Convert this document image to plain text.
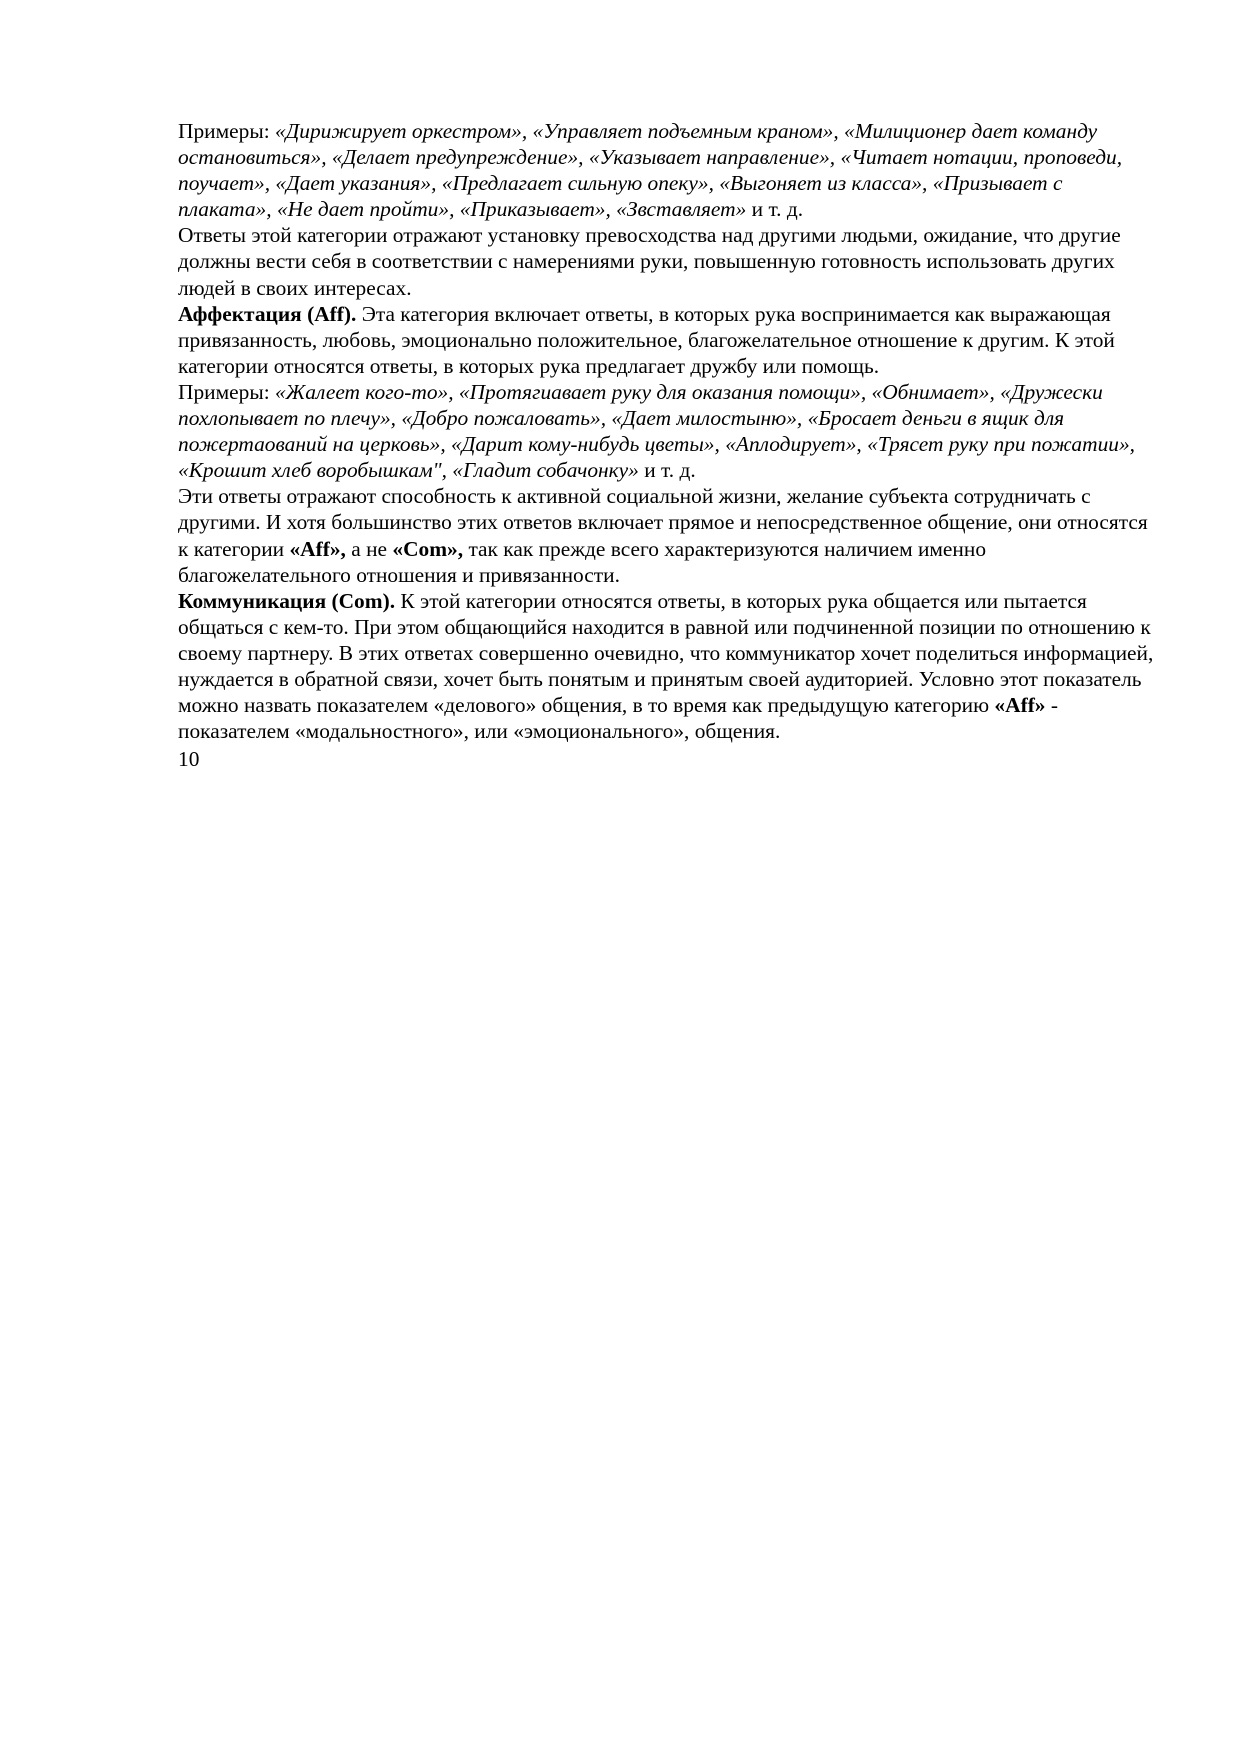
Примеры: «Дирижирует оркестром», «Управляет подъемным краном», «Милиционер дает команду остановиться», «Делает предупреждение», «Указывает направление», «Читает нотации, проповеди, поучает», «Дает указания», «Предлагает сильную опеку», «Выгоняет из класса», «Призывает с плаката», «Не дает пройти», «Приказывает», «Звставляет» и т. д.

Ответы этой категории отражают установку превосходства над другими людьми, ожидание, что другие должны вести себя в соответствии с намерениями руки, повышенную готовность использовать других людей в своих интересах.

Аффектация (Aff). Эта категория включает ответы, в которых рука воспринимается как выражающая привязанность, любовь, эмоционально положительное, благожелательное отношение к другим. К этой категории относятся ответы, в которых рука предлагает дружбу или помощь.

Примеры: «Жалеет кого-то», «Протягиавает руку для оказания помощи», «Обнимает», «Дружески похлопывает по плечу», «Добро пожаловать», «Дает милостыню», «Бросает деньги в ящик для пожертаований на церковь», «Дарит кому-нибудь цветы», «Аплодирует», «Трясет руку при пожатии», «Крошит хлеб воробышкам", «Гладит собачонку» и т. д.

Эти ответы отражают способность к активной социальной жизни, желание субъекта сотрудничать с другими. И хотя большинство этих ответов включает прямое и непосредственное общение, они относятся к категории «Aff», а не «Com», так как прежде всего характеризуются наличием именно благожелательного отношения и привязанности.

Коммуникация (Com). К этой категории относятся ответы, в которых рука общается или пытается общаться с кем-то. При этом общающийся находится в равной или подчиненной позиции по отношению к своему партнеру. В этих ответах совершенно очевидно, что коммуникатор хочет поделиться информацией, нуждается в обратной связи, хочет быть понятым и принятым своей аудиторией. Условно этот показатель можно назвать показателем «делового» общения, в то время как предыдущую категорию «Aff» - показателем «модальностного», или «эмоционального», общения.

10
